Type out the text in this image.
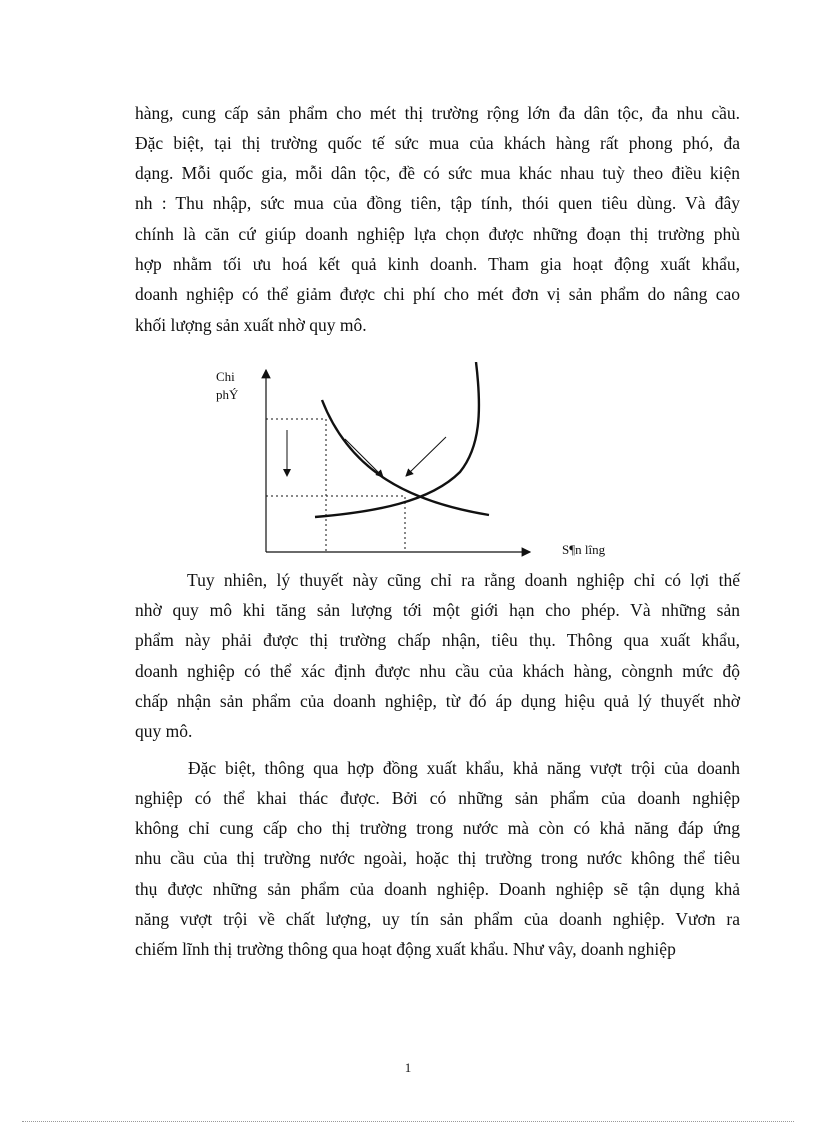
hàng, cung cấp sản phẩm cho mét thị trường rộng lớn đa dân tộc, đa nhu cầu.
Đặc biệt, tại thị trường quốc tế sức mua của khách hàng rất phong phó, đa
dạng. Mỗi quốc gia, mỗi dân tộc, đề có sức mua khác nhau tuỳ theo điều kiện
nh : Thu nhập, sức mua của đồng tiên, tập tính, thói quen tiêu dùng. Và đây
chính là căn cứ giúp doanh nghiệp lựa chọn được những đoạn thị trường phù
hợp nhằm tối ưu hoá kết quả kinh doanh. Tham gia hoạt động xuất khẩu,
doanh nghiệp có thể giảm được chi phí cho mét đơn vị sản phẩm do nâng cao
khối lượng sản xuất nhờ quy mô.
Chi
phÝ
S¶n lîng
Tuy nhiên, lý thuyết này cũng chỉ ra rằng doanh nghiệp chỉ có lợi thế
nhờ quy mô khi tăng sản lượng tới một giới hạn cho phép. Và những sản
phẩm này phải được thị trường chấp nhận, tiêu thụ. Thông qua xuất khẩu,
doanh nghiệp có thể xác định được nhu cầu của khách hàng, còngnh mức độ
chấp nhận sản phẩm của doanh nghiệp, từ đó áp dụng hiệu quả lý thuyết nhờ
quy mô.
Đặc biệt, thông qua hợp đồng xuất khẩu, khả năng vượt trội của doanh
nghiệp có thể khai thác được. Bởi có những sản phẩm của doanh nghiệp
không chỉ cung cấp cho thị trường trong nước mà còn có khả năng đáp ứng
nhu cầu của thị trường nước ngoài, hoặc thị trường trong nước không thể tiêu
thụ được những sản phẩm của doanh nghiệp. Doanh nghiệp sẽ tận dụng khả
năng vượt trội về chất lượng, uy tín sản phẩm của doanh nghiệp. Vươn ra
chiếm lĩnh thị trường thông qua hoạt động xuất khẩu. Như vây, doanh nghiệp
1
